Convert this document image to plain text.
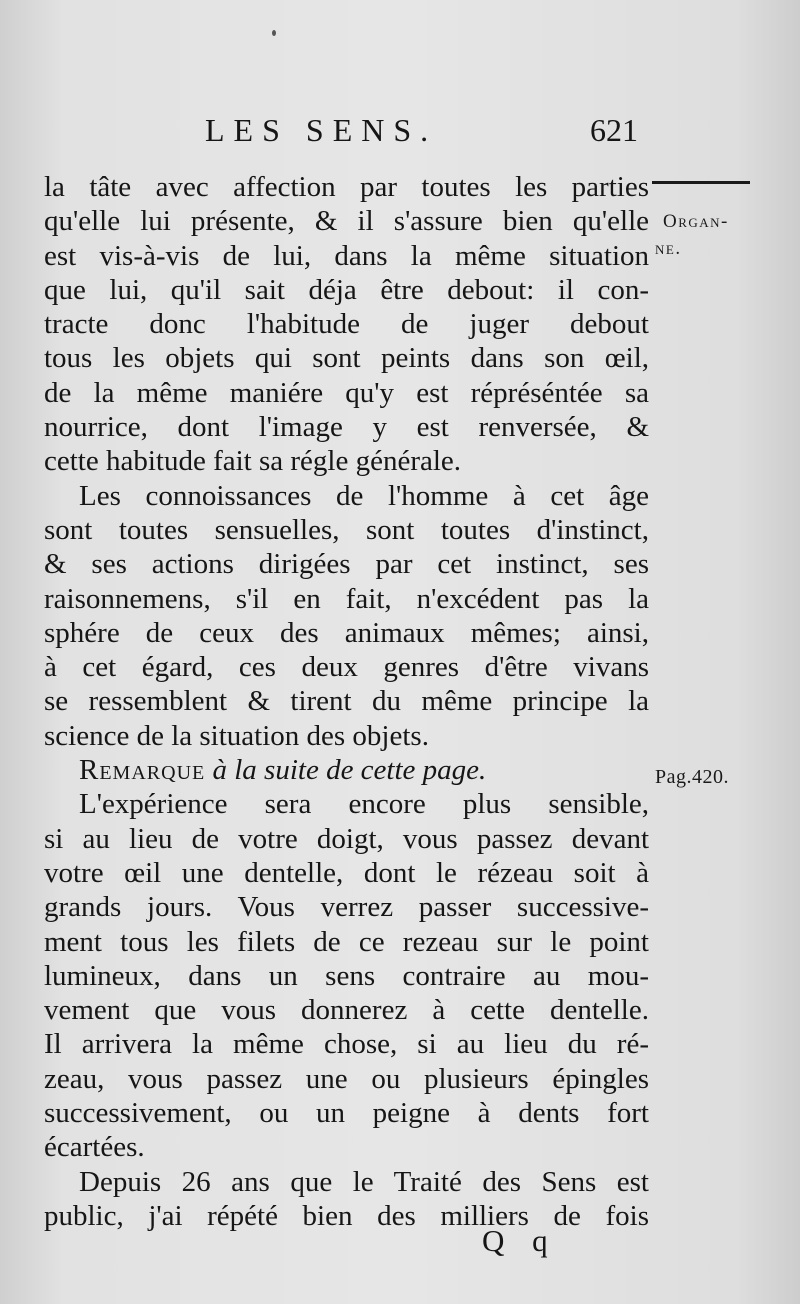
LES SENS.	621
Organ-
ne.
Pag.420.
la tâte avec affection par toutes les parties
qu'elle lui présente, & il s'assure bien qu'elle
est vis-à-vis de lui, dans la même situation
que lui, qu'il sait déja être debout: il con-
tracte donc l'habitude de juger debout
tous les objets qui sont peints dans son œil,
de la même maniére qu'y est répréséntée sa
nourrice, dont l'image y est renversée, &
cette habitude fait sa régle générale.
Les connoissances de l'homme à cet âge
sont toutes sensuelles, sont toutes d'instinct,
& ses actions dirigées par cet instinct, ses
raisonnemens, s'il en fait, n'excédent pas la
sphére de ceux des animaux mêmes; ainsi,
à cet égard, ces deux genres d'être vivans
se ressemblent & tirent du même principe la
science de la situation des objets.
Remarque à la suite de cette page.
L'expérience sera encore plus sensible,
si au lieu de votre doigt, vous passez devant
votre œil une dentelle, dont le rézeau soit à
grands jours. Vous verrez passer successive-
ment tous les filets de ce rezeau sur le point
lumineux, dans un sens contraire au mou-
vement que vous donnerez à cette dentelle.
Il arrivera la même chose, si au lieu du ré-
zeau, vous passez une ou plusieurs épingles
successivement, ou un peigne à dents fort
écartées.
Depuis 26 ans que le Traité des Sens est
public, j'ai répété bien des milliers de fois
Q q
